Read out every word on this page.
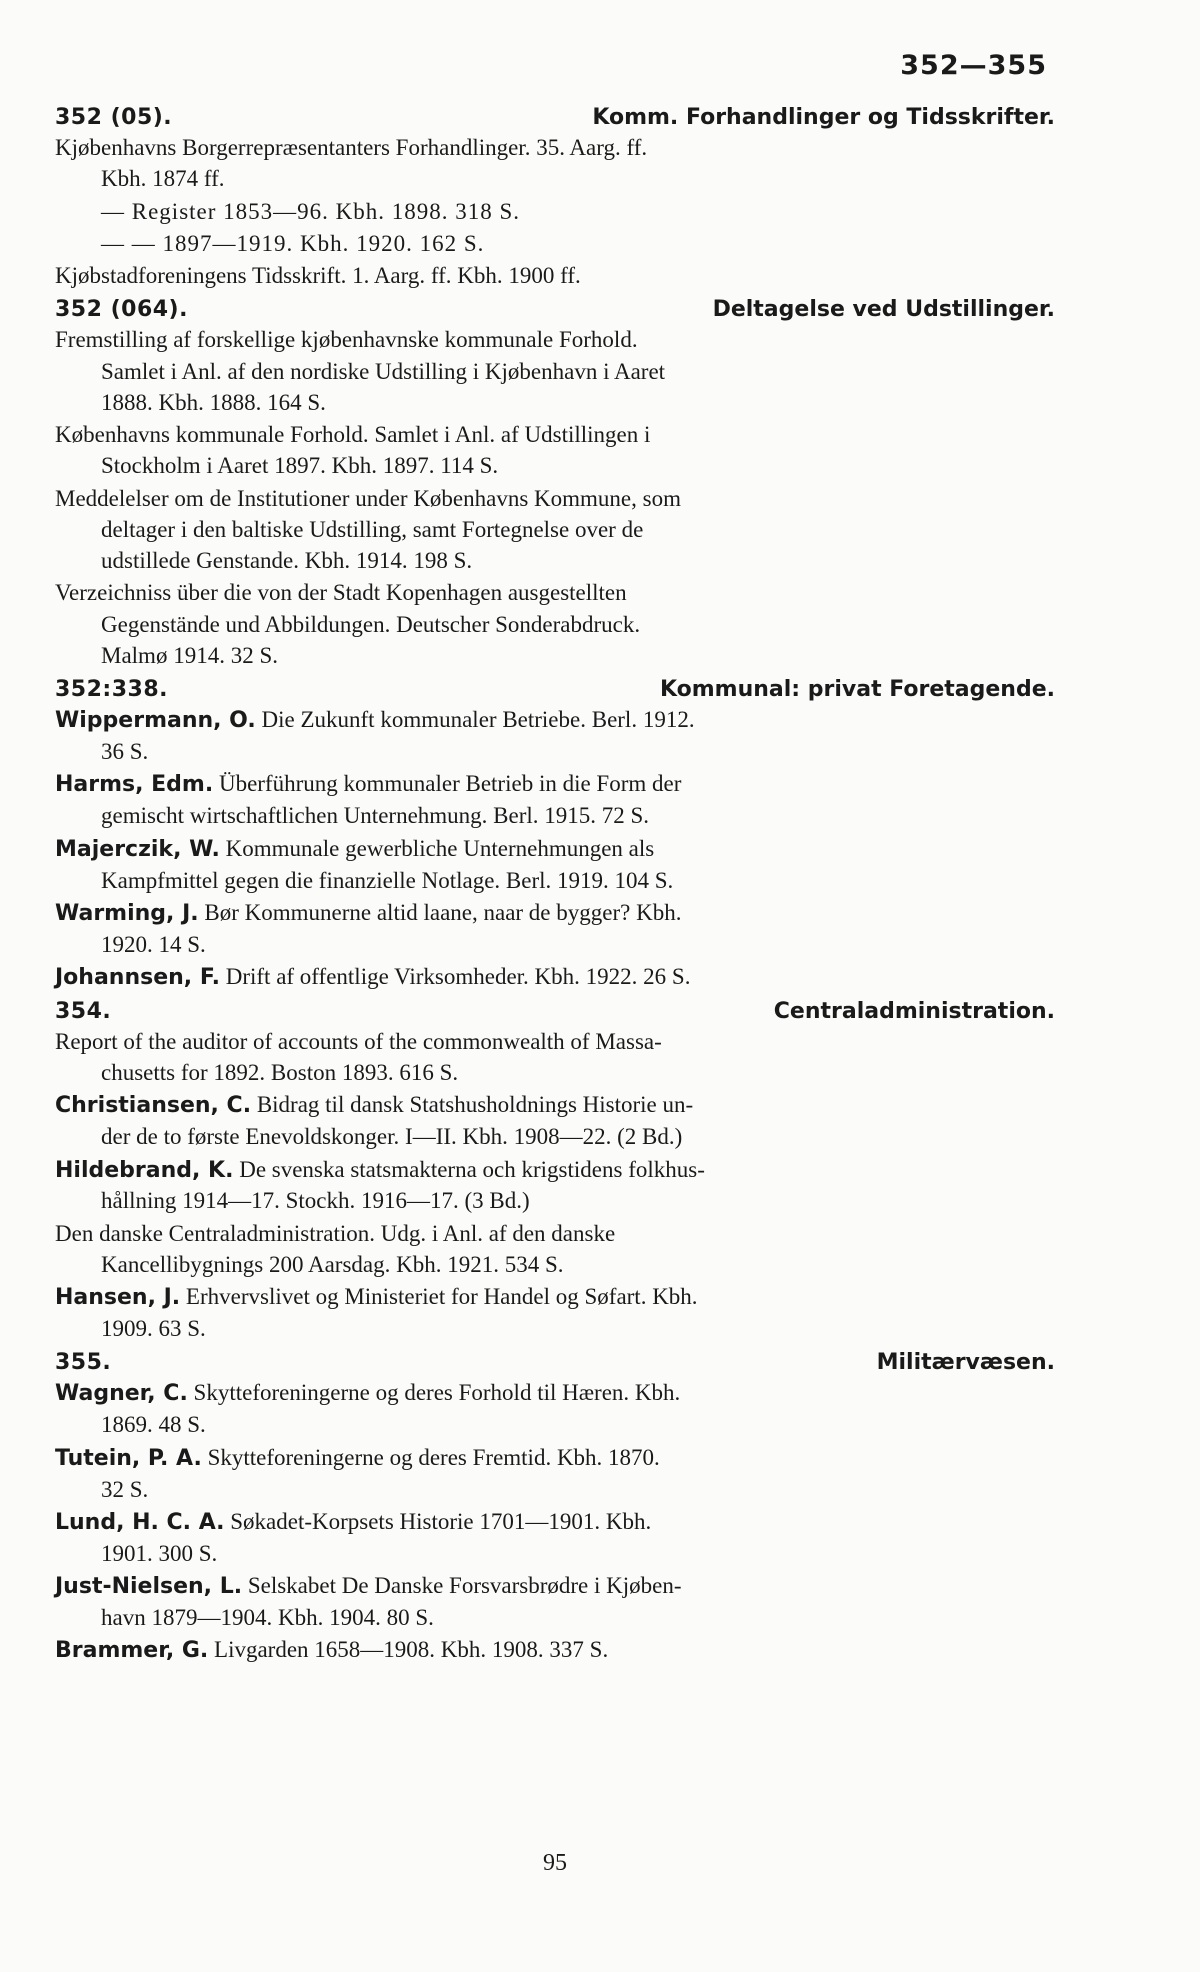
352—355
352 (05).	Komm. Forhandlinger og Tidsskrifter.

Kjøbenhavns Borgerrepræsentanters Forhandlinger. 35. Aarg. ff.
Kbh. 1874 ff.

— Register 1853—96. Kbh. 1898. 318 S.

— — 1897—1919. Kbh. 1920. 162 S.

Kjøbstadforeningens Tidsskrift. 1. Aarg. ff. Kbh. 1900 ff.

352 (064).	Deltagelse ved Udstillinger.

Fremstilling af forskellige kjøbenhavnske kommunale Forhold.
Samlet i Anl. af den nordiske Udstilling i Kjøbenhavn i Aaret
1888. Kbh. 1888. 164 S.

Københavns kommunale Forhold. Samlet i Anl. af Udstillingen i
Stockholm i Aaret 1897. Kbh. 1897. 114 S.

Meddelelser om de Institutioner under Københavns Kommune, som
deltager i den baltiske Udstilling, samt Fortegnelse over de
udstillede Genstande. Kbh. 1914. 198 S.

Verzeichniss über die von der Stadt Kopenhagen ausgestellten
Gegenstände und Abbildungen. Deutscher Sonderabdruck.
Malmø 1914. 32 S.

352:338.	Kommunal: privat Foretagende.

Wippermann, O. Die Zukunft kommunaler Betriebe. Berl. 1912.
36 S.

Harms, Edm. Überführung kommunaler Betrieb in die Form der
gemischt wirtschaftlichen Unternehmung. Berl. 1915. 72 S.

Majerczik, W. Kommunale gewerbliche Unternehmungen als
Kampfmittel gegen die finanzielle Notlage. Berl. 1919. 104 S.

Warming, J. Bør Kommunerne altid laane, naar de bygger? Kbh.
1920. 14 S.

Johannsen, F. Drift af offentlige Virksomheder. Kbh. 1922. 26 S.

354.	Centraladministration.

Report of the auditor of accounts of the commonwealth of Massa-
chusetts for 1892. Boston 1893. 616 S.

Christiansen, C. Bidrag til dansk Statshusholdnings Historie un-
der de to første Enevoldskonger. I—II. Kbh. 1908—22. (2 Bd.)

Hildebrand, K. De svenska statsmakterna och krigstidens folkhus-
hållning 1914—17. Stockh. 1916—17. (3 Bd.)

Den danske Centraladministration. Udg. i Anl. af den danske
Kancellibygnings 200 Aarsdag. Kbh. 1921. 534 S.

Hansen, J. Erhvervslivet og Ministeriet for Handel og Søfart. Kbh.
1909. 63 S.

355.	Militærvæsen.

Wagner, C. Skytteforeningerne og deres Forhold til Hæren. Kbh.
1869. 48 S.

Tutein, P. A. Skytteforeningerne og deres Fremtid. Kbh. 1870.
32 S.

Lund, H. C. A. Søkadet-Korpsets Historie 1701—1901. Kbh.
1901. 300 S.

Just-Nielsen, L. Selskabet De Danske Forsvarsbrødre i Kjøben-
havn 1879—1904. Kbh. 1904. 80 S.

Brammer, G. Livgarden 1658—1908. Kbh. 1908. 337 S.

95
